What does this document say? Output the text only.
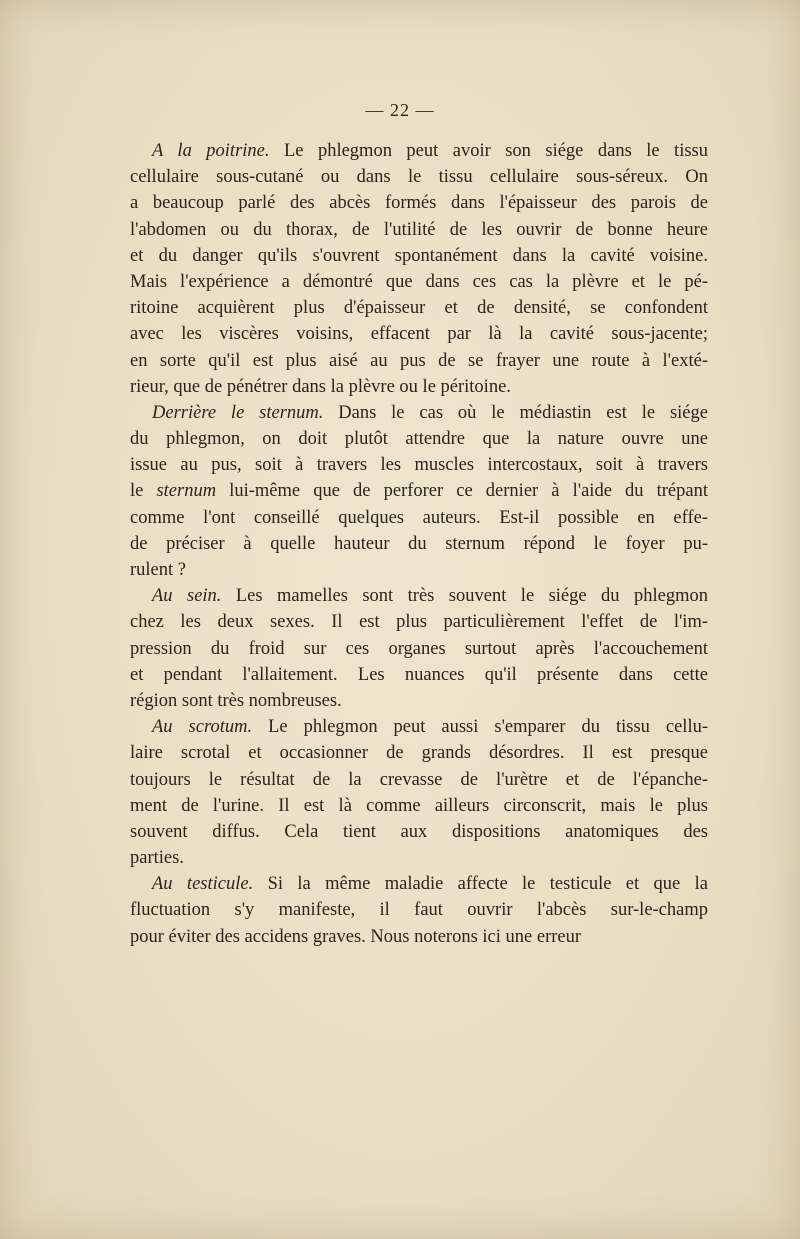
— 22 —
A la poitrine. Le phlegmon peut avoir son siége dans le tissu
cellulaire sous-cutané ou dans le tissu cellulaire sous-séreux. On
a beaucoup parlé des abcès formés dans l'épaisseur des parois de
l'abdomen ou du thorax, de l'utilité de les ouvrir de bonne heure
et du danger qu'ils s'ouvrent spontanément dans la cavité voisine.
Mais l'expérience a démontré que dans ces cas la plèvre et le pé-
ritoine acquièrent plus d'épaisseur et de densité, se confondent
avec les viscères voisins, effacent par là la cavité sous-jacente;
en sorte qu'il est plus aisé au pus de se frayer une route à l'exté-
rieur, que de pénétrer dans la plèvre ou le péritoine.
Derrière le sternum. Dans le cas où le médiastin est le siége
du phlegmon, on doit plutôt attendre que la nature ouvre une
issue au pus, soit à travers les muscles intercostaux, soit à travers
le sternum lui-même que de perforer ce dernier à l'aide du trépant
comme l'ont conseillé quelques auteurs. Est-il possible en effe-
de préciser à quelle hauteur du sternum répond le foyer pu-
rulent ?
Au sein. Les mamelles sont très souvent le siége du phlegmon
chez les deux sexes. Il est plus particulièrement l'effet de l'im-
pression du froid sur ces organes surtout après l'accouchement
et pendant l'allaitement. Les nuances qu'il présente dans cette
région sont très nombreuses.
Au scrotum. Le phlegmon peut aussi s'emparer du tissu cellu-
laire scrotal et occasionner de grands désordres. Il est presque
toujours le résultat de la crevasse de l'urètre et de l'épanche-
ment de l'urine. Il est là comme ailleurs circonscrit, mais le plus
souvent diffus. Cela tient aux dispositions anatomiques des
parties.
Au testicule. Si la même maladie affecte le testicule et que la
fluctuation s'y manifeste, il faut ouvrir l'abcès sur-le-champ
pour éviter des accidens graves. Nous noterons ici une erreur
